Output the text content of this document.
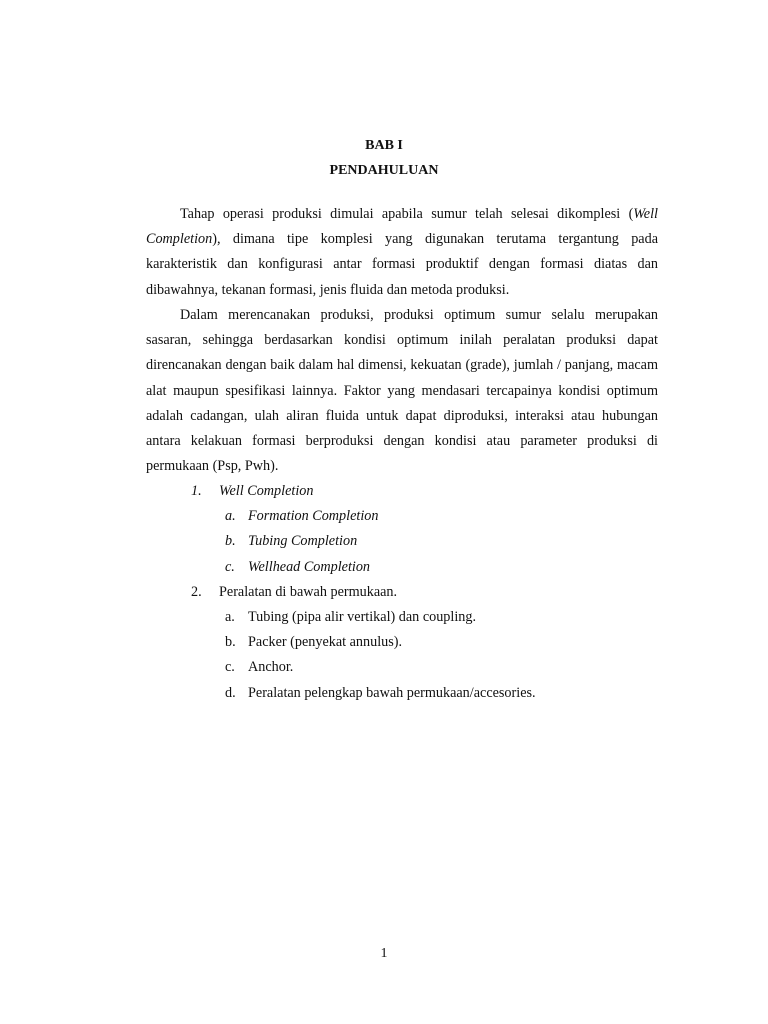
BAB I
PENDAHULUAN

Tahap operasi produksi dimulai apabila sumur telah selesai dikomplesi (Well Completion), dimana tipe komplesi yang digunakan terutama tergantung pada karakteristik dan konfigurasi antar formasi produktif dengan formasi diatas dan dibawahnya, tekanan formasi, jenis fluida dan metoda produksi.

Dalam merencanakan produksi, produksi optimum sumur selalu merupakan sasaran, sehingga berdasarkan kondisi optimum inilah peralatan produksi dapat direncanakan dengan baik dalam hal dimensi, kekuatan (grade), jumlah / panjang, macam alat maupun spesifikasi lainnya. Faktor yang mendasari tercapainya kondisi optimum adalah cadangan, ulah aliran fluida untuk dapat diproduksi, interaksi atau hubungan antara kelakuan formasi berproduksi dengan kondisi atau parameter produksi di permukaan (Psp, Pwh).

1. Well Completion
a. Formation Completion
b. Tubing Completion
c. Wellhead Completion
2. Peralatan di bawah permukaan.
a. Tubing (pipa alir vertikal) dan coupling.
b. Packer (penyekat annulus).
c. Anchor.
d. Peralatan pelengkap bawah permukaan/accesories.
1
